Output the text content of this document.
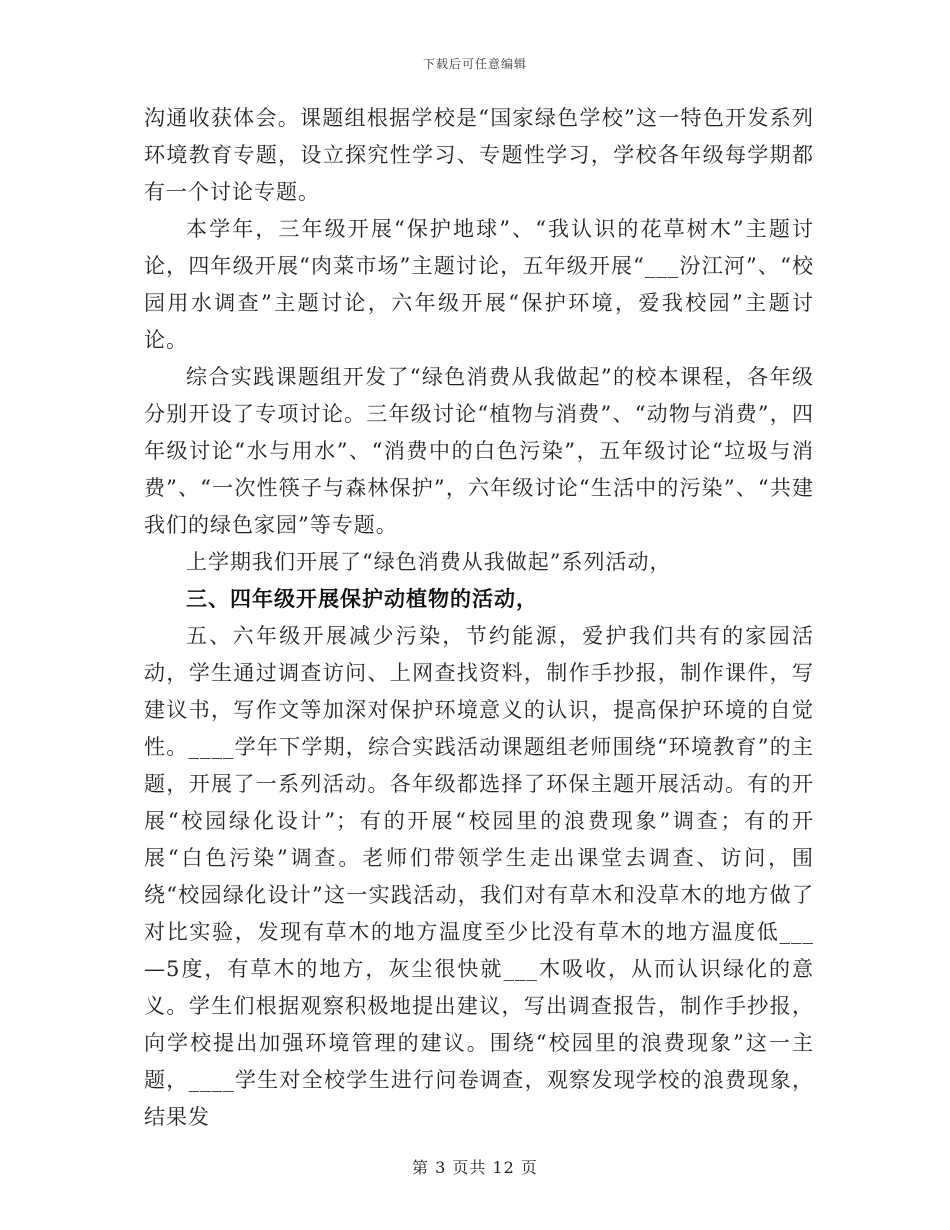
下载后可任意编辑

沟通收获体会。课题组根据学校是“国家绿色学校”这一特色开发系列环境教育专题，设立探究性学习、专题性学习，学校各年级每学期都有一个讨论专题。

本学年，三年级开展“保护地球”、“我认识的花草树木”主题讨论，四年级开展“肉菜市场”主题讨论，五年级开展“___汾江河”、“校园用水调查”主题讨论，六年级开展“保护环境，爱我校园”主题讨论。

综合实践课题组开发了“绿色消费从我做起”的校本课程，各年级分别开设了专项讨论。三年级讨论“植物与消费”、“动物与消费”，四年级讨论“水与用水”、“消费中的白色污染”，五年级讨论“垃圾与消费”、“一次性筷子与森林保护”，六年级讨论“生活中的污染”、“共建我们的绿色家园”等专题。

上学期我们开展了“绿色消费从我做起”系列活动，

三、四年级开展保护动植物的活动，

五、六年级开展减少污染，节约能源，爱护我们共有的家园活动，学生通过调查访问、上网查找资料，制作手抄报，制作课件，写建议书，写作文等加深对保护环境意义的认识，提高保护环境的自觉性。____学年下学期，综合实践活动课题组老师围绕“环境教育”的主题，开展了一系列活动。各年级都选择了环保主题开展活动。有的开展“校园绿化设计”；有的开展“校园里的浪费现象”调查；有的开展“白色污染”调查。老师们带领学生走出课堂去调查、访问，围绕“校园绿化设计”这一实践活动，我们对有草木和没草木的地方做了对比实验，发现有草木的地方温度至少比没有草木的地方温度低___—5度，有草木的地方，灰尘很快就___木吸收，从而认识绿化的意义。学生们根据观察积极地提出建议，写出调查报告，制作手抄报，向学校提出加强环境管理的建议。围绕“校园里的浪费现象”这一主题，____学生对全校学生进行问卷调查，观察发现学校的浪费现象，结果发

第 3 页共 12 页
